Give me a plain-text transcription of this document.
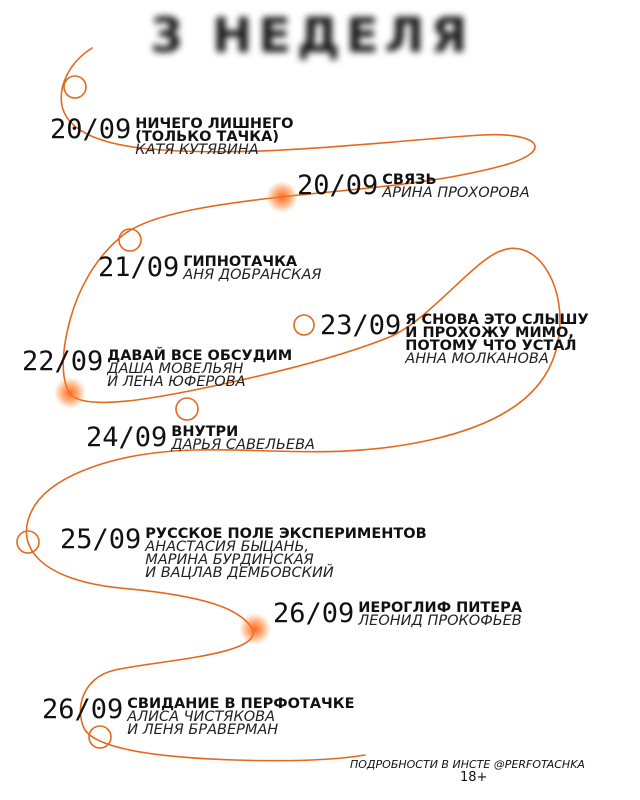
3 НЕДЕЛЯ
20/09 НИЧЕГО ЛИШНЕГО
(ТОЛЬКО ТАЧКА)
КАТЯ КУТЯВИНА
20/09 СВЯЗЬ
АРИНА ПРОХОРОВА
21/09 ГИПНОТАЧКА
АНЯ ДОБРАНСКАЯ
23/09 Я СНОВА ЭТО СЛЫШУ
И ПРОХОЖУ МИМО,
ПОТОМУ ЧТО УСТАЛ
АННА МОЛКАНОВА
22/09 ДАВАЙ ВСЕ ОБСУДИМ
ДАША МОВЕЛЬЯН
И ЛЕНА ЮФЕРОВА
24/09 ВНУТРИ
ДАРЬЯ САВЕЛЬЕВА
25/09 РУССКОЕ ПОЛЕ ЭКСПЕРИМЕНТОВ
АНАСТАСИЯ БЫЦАНЬ,
МАРИНА БУРДИНСКАЯ
И ВАЦЛАВ ДЕМБОВСКИЙ
26/09 ИЕРОГЛИФ ПИТЕРА
ЛЕОНИД ПРОКОФЬЕВ
26/09 СВИДАНИЕ В ПЕРФОТАЧКЕ
АЛИСА ЧИСТЯКОВА
И ЛЕНЯ БРАВЕРМАН
ПОДРОБНОСТИ В ИНСТЕ @PERFOTACHKA
18+
